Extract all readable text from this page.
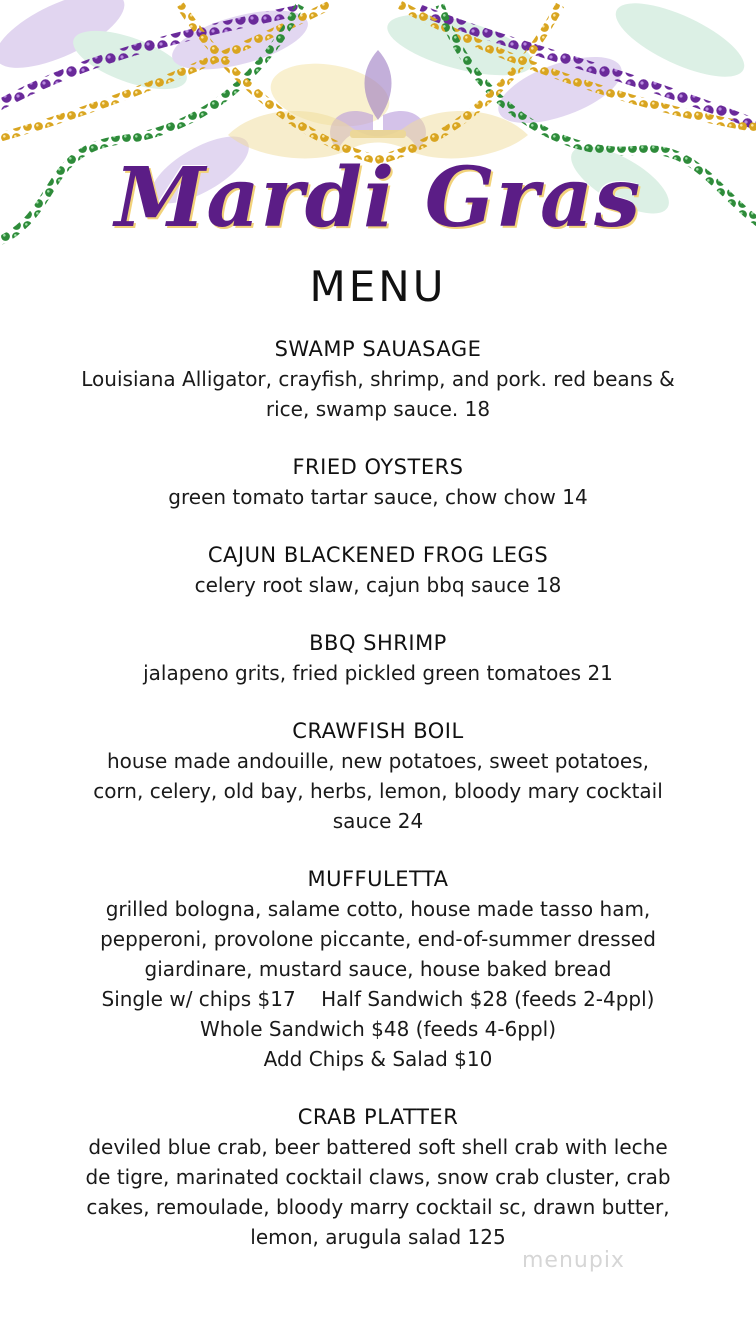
Mardi Gras
MENU
SWAMP SAUASAGE
Louisiana Alligator, crayfish, shrimp, and pork. red beans &
rice, swamp sauce. 18
FRIED OYSTERS
green tomato tartar sauce, chow chow 14
CAJUN BLACKENED FROG LEGS
celery root slaw, cajun bbq sauce 18
BBQ SHRIMP
jalapeno grits, fried pickled green tomatoes 21
CRAWFISH BOIL
house made andouille, new potatoes, sweet potatoes,
corn, celery, old bay, herbs, lemon, bloody mary cocktail
sauce 24
MUFFULETTA
grilled bologna, salame cotto, house made tasso ham,
pepperoni, provolone piccante, end-of-summer dressed
giardinare, mustard sauce, house baked bread
Single w/ chips $17    Half Sandwich $28 (feeds 2-4ppl)
Whole Sandwich $48 (feeds 4-6ppl)
Add Chips & Salad $10
CRAB PLATTER
deviled blue crab, beer battered soft shell crab with leche
de tigre, marinated cocktail claws, snow crab cluster, crab
cakes, remoulade, bloody marry cocktail sc, drawn butter,
lemon, arugula salad 125
menupix
